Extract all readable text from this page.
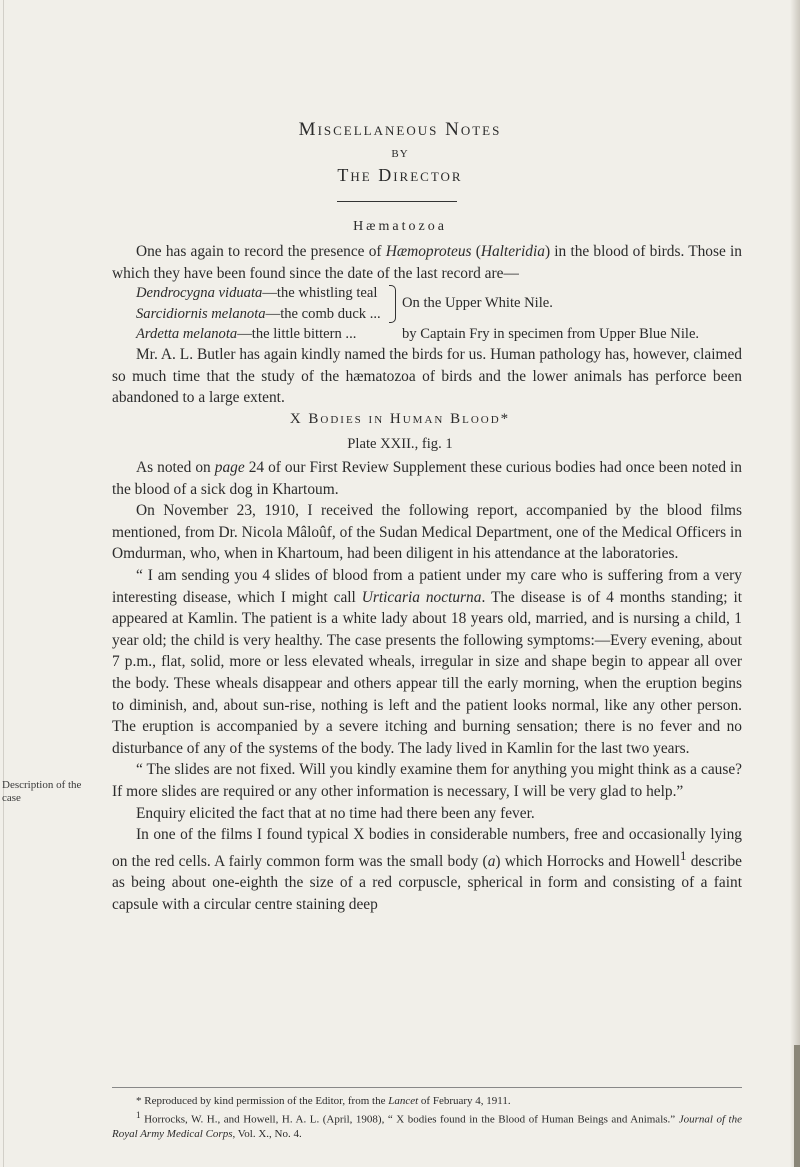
Miscellaneous Notes
BY
The Director
Hæmatozoa

One has again to record the presence of Hæmoproteus (Halteridia) in the blood of birds. Those in which they have been found since the date of the last record are—

Dendrocygna viduata—the whistling teal
On the Upper White Nile.
Sarcidiornis melanota—the comb duck ...
Ardetta melanota—the little bittern ...	by Captain Fry in specimen from Upper Blue Nile.

Mr. A. L. Butler has again kindly named the birds for us. Human pathology has, however, claimed so much time that the study of the hæmatozoa of birds and the lower animals has perforce been abandoned to a large extent.

X Bodies in Human Blood*
Plate XXII., fig. 1

As noted on page 24 of our First Review Supplement these curious bodies had once been noted in the blood of a sick dog in Khartoum.

On November 23, 1910, I received the following report, accompanied by the blood films mentioned, from Dr. Nicola Mâloûf, of the Sudan Medical Department, one of the Medical Officers in Omdurman, who, when in Khartoum, had been diligent in his attendance at the laboratories.

“ I am sending you 4 slides of blood from a patient under my care who is suffering from a very interesting disease, which I might call Urticaria nocturna. The disease is of 4 months standing; it appeared at Kamlin. The patient is a white lady about 18 years old, married, and is nursing a child, 1 year old; the child is very healthy. The case presents the following symptoms:—Every evening, about 7 p.m., flat, solid, more or less elevated wheals, irregular in size and shape begin to appear all over the body. These wheals disappear and others appear till the early morning, when the eruption begins to diminish, and, about sun-rise, nothing is left and the patient looks normal, like any other person. The eruption is accompanied by a severe itching and burning sensation; there is no fever and no disturbance of any of the systems of the body. The lady lived in Kamlin for the last two years.

“ The slides are not fixed. Will you kindly examine them for anything you might think as a cause? If more slides are required or any other information is necessary, I will be very glad to help.”

Enquiry elicited the fact that at no time had there been any fever.

In one of the films I found typical X bodies in considerable numbers, free and occasionally lying on the red cells. A fairly common form was the small body (a) which Horrocks and Howell$^1$ describe as being about one-eighth the size of a red corpuscle, spherical in form and consisting of a faint capsule with a circular centre staining deep

Description of the case

* Reproduced by kind permission of the Editor, from the Lancet of February 4, 1911.

$^1$ Horrocks, W. H., and Howell, H. A. L. (April, 1908), “ X bodies found in the Blood of Human Beings and Animals.” Journal of the Royal Army Medical Corps, Vol. X., No. 4.
